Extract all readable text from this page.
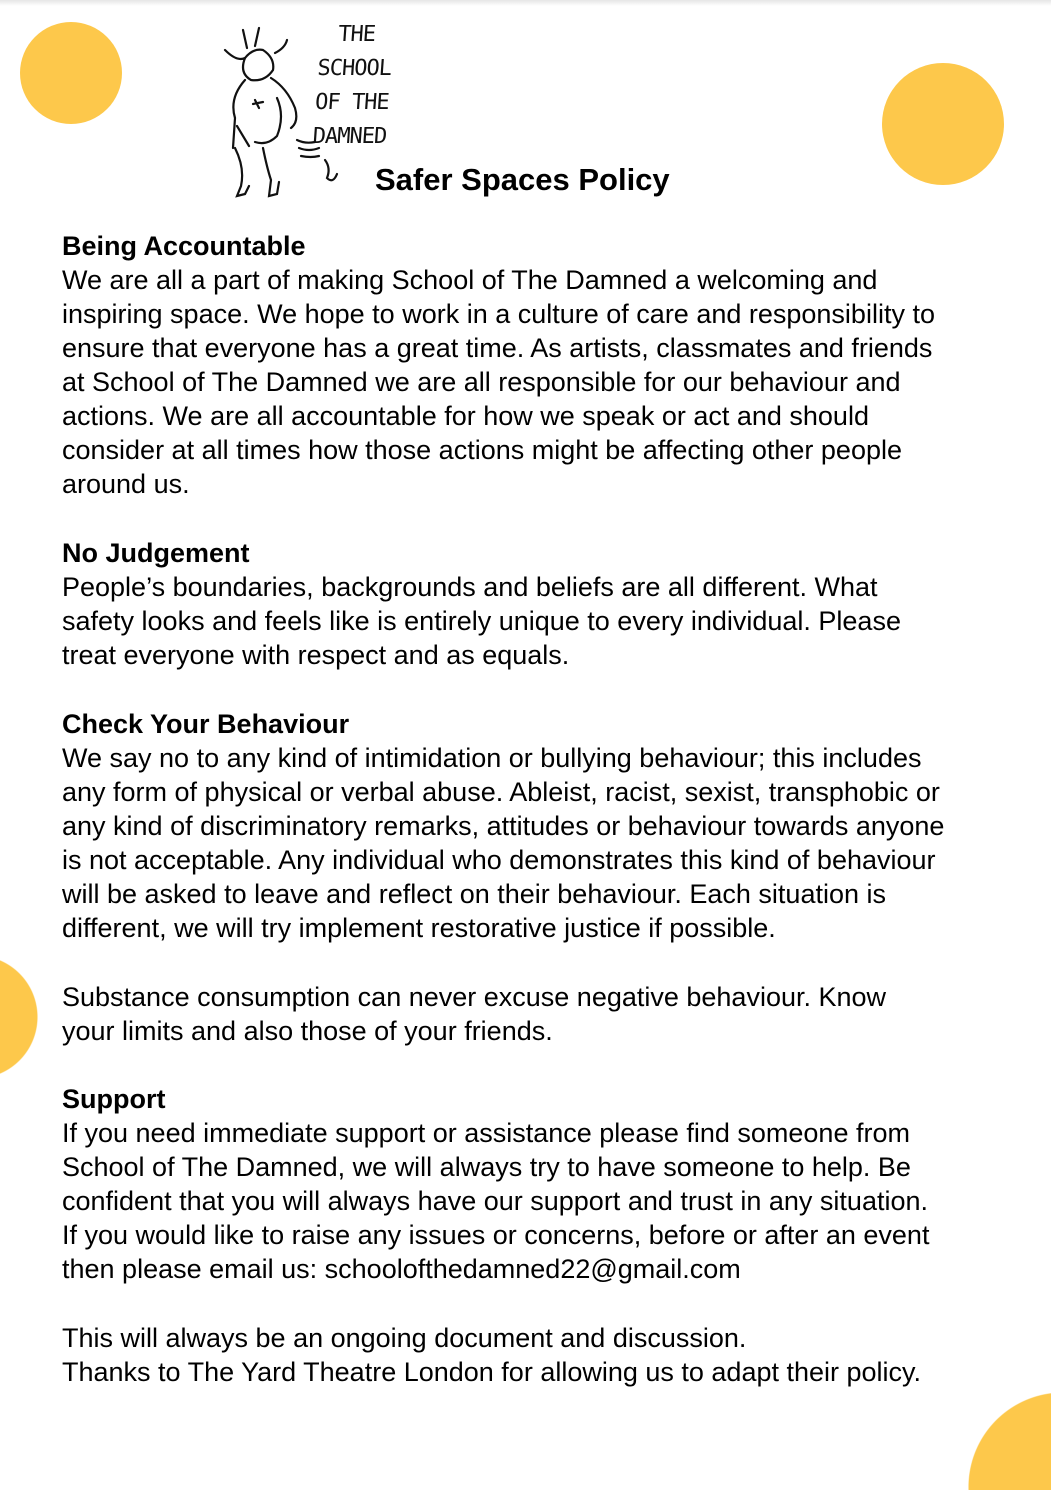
THE SCHOOL
OF THE
DAMNED
Safer Spaces Policy
Being Accountable
We are all a part of making School of The Damned a welcoming and
inspiring space. We hope to work in a culture of care and responsibility to
ensure that everyone has a great time. As artists, classmates and friends
at School of The Damned we are all responsible for our behaviour and
actions. We are all accountable for how we speak or act and should
consider at all times how those actions might be affecting other people
around us.
No Judgement
People’s boundaries, backgrounds and beliefs are all different. What
safety looks and feels like is entirely unique to every individual. Please
treat everyone with respect and as equals.
Check Your Behaviour
We say no to any kind of intimidation or bullying behaviour; this includes
any form of physical or verbal abuse. Ableist, racist, sexist, transphobic or
any kind of discriminatory remarks, attitudes or behaviour towards anyone
is not acceptable. Any individual who demonstrates this kind of behaviour
will be asked to leave and reflect on their behaviour. Each situation is
different, we will try implement restorative justice if possible.
Substance consumption can never excuse negative behaviour. Know
your limits and also those of your friends.
Support
If you need immediate support or assistance please find someone from
School of The Damned, we will always try to have someone to help. Be
confident that you will always have our support and trust in any situation.
If you would like to raise any issues or concerns, before or after an event
then please email us: schoolofthedamned22@gmail.com
This will always be an ongoing document and discussion.
Thanks to The Yard Theatre London for allowing us to adapt their policy.
